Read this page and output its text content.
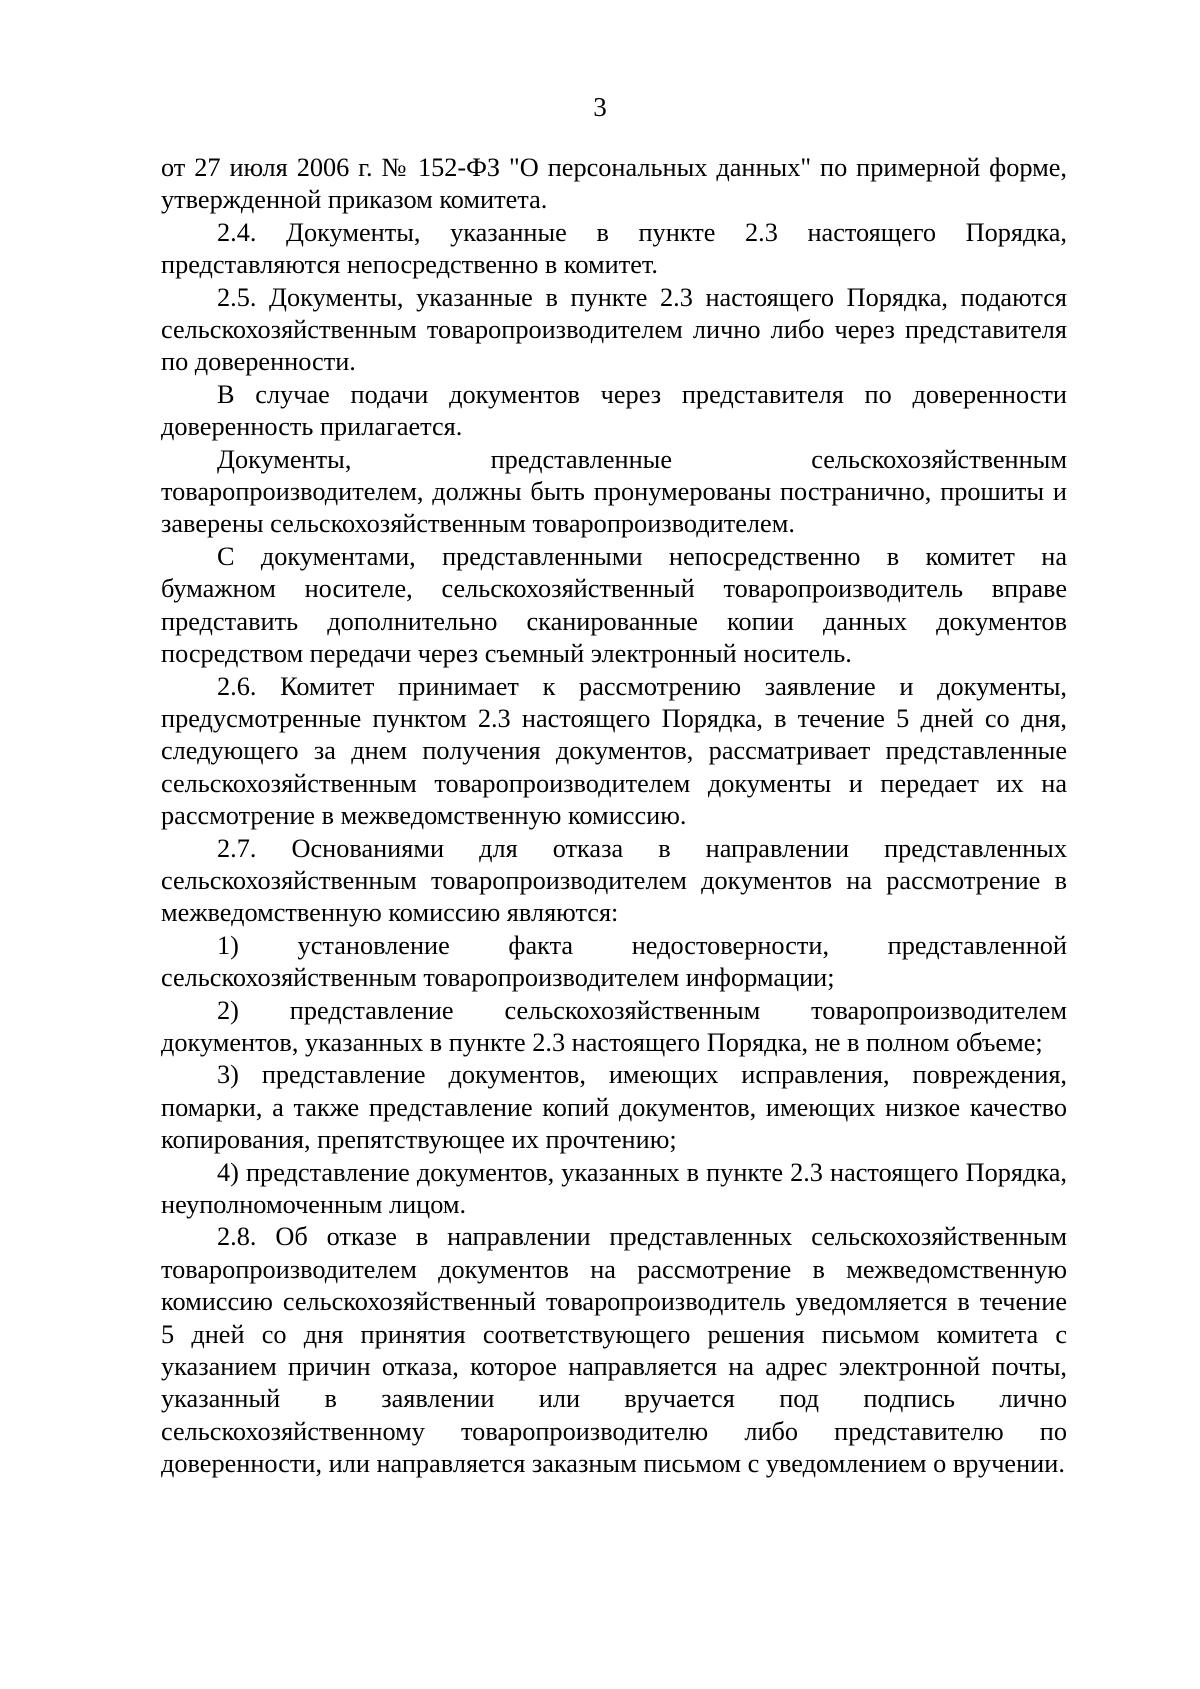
3

от 27 июля 2006 г. № 152-ФЗ "О персональных данных" по примерной форме, утвержденной приказом комитета.

2.4. Документы, указанные в пункте 2.3 настоящего Порядка, представляются непосредственно в комитет.

2.5. Документы, указанные в пункте 2.3 настоящего Порядка, подаются сельскохозяйственным товаропроизводителем лично либо через представителя по доверенности.

В случае подачи документов через представителя по доверенности доверенность прилагается.

Документы, представленные сельскохозяйственным товаропроизводителем, должны быть пронумерованы постранично, прошиты и заверены сельскохозяйственным товаропроизводителем.

С документами, представленными непосредственно в комитет на бумажном носителе, сельскохозяйственный товаропроизводитель вправе представить дополнительно сканированные копии данных документов посредством передачи через съемный электронный носитель.

2.6. Комитет принимает к рассмотрению заявление и документы, предусмотренные пунктом 2.3 настоящего Порядка, в течение 5 дней со дня, следующего за днем получения документов, рассматривает представленные сельскохозяйственным товаропроизводителем документы и передает их на рассмотрение в межведомственную комиссию.

2.7. Основаниями для отказа в направлении представленных сельскохозяйственным товаропроизводителем документов на рассмотрение в межведомственную комиссию являются:

1) установление факта недостоверности, представленной сельскохозяйственным товаропроизводителем информации;

2) представление сельскохозяйственным товаропроизводителем документов, указанных в пункте 2.3 настоящего Порядка, не в полном объеме;

3) представление документов, имеющих исправления, повреждения, помарки, а также представление копий документов, имеющих низкое качество копирования, препятствующее их прочтению;

4) представление документов, указанных в пункте 2.3 настоящего Порядка, неуполномоченным лицом.

2.8. Об отказе в направлении представленных сельскохозяйственным товаропроизводителем документов на рассмотрение в межведомственную комиссию сельскохозяйственный товаропроизводитель уведомляется в течение 5 дней со дня принятия соответствующего решения письмом комитета с указанием причин отказа, которое направляется на адрес электронной почты, указанный в заявлении или вручается под подпись лично сельскохозяйственному товаропроизводителю либо представителю по доверенности, или направляется заказным письмом с уведомлением о вручении.
